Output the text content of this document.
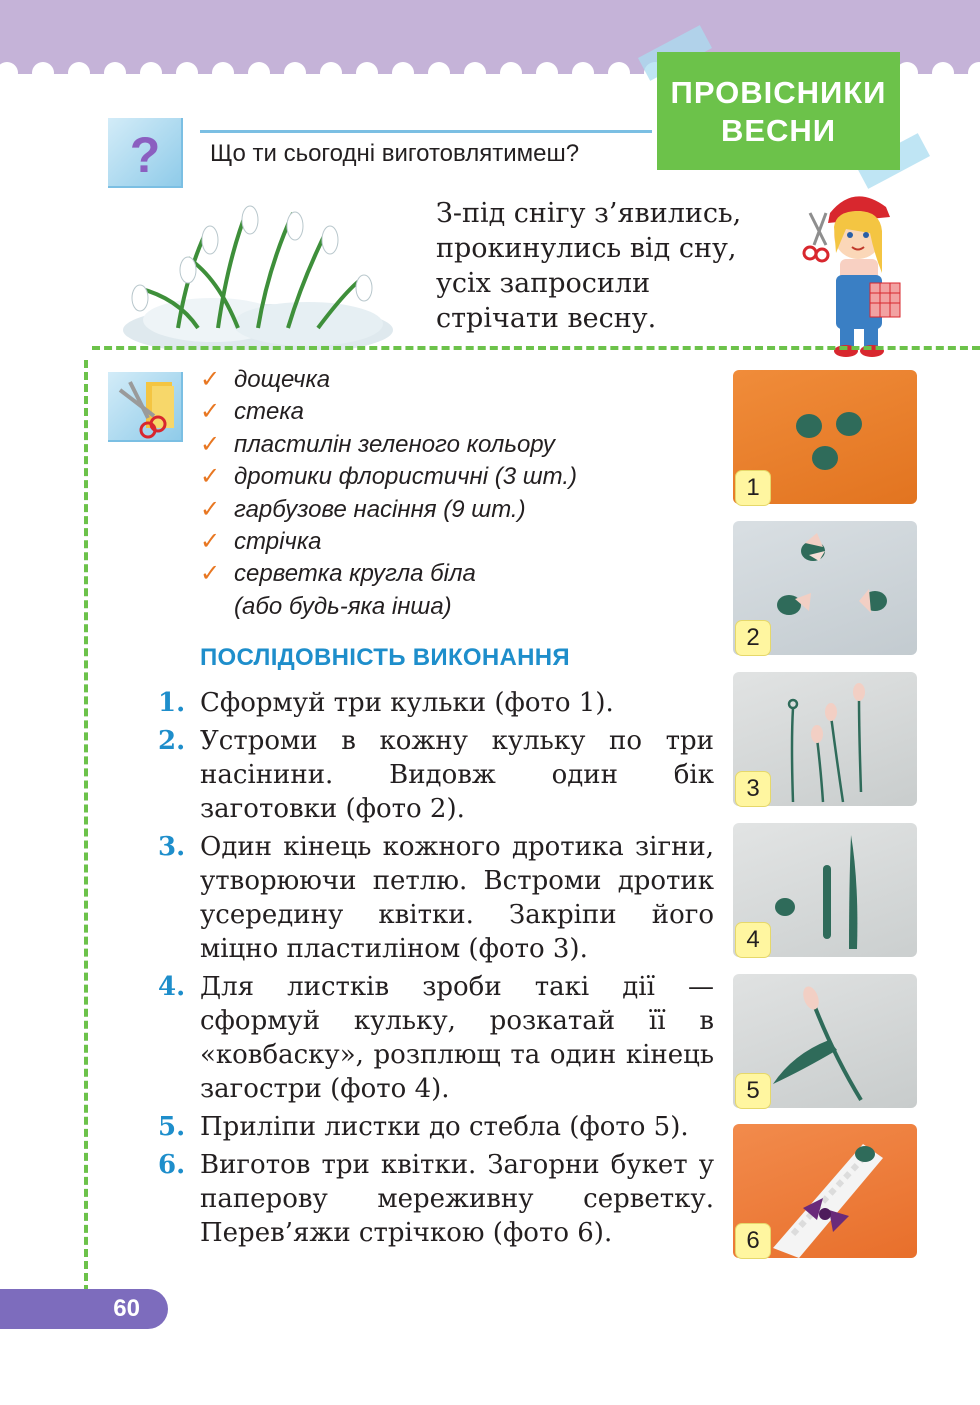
ПРОВІСНИКИ
ВЕСНИ
? Що ти сьогодні виготовлятимеш?
З-під снігу з’явились,
прокинулись від сну,
усіх запросили
стрічати весну.
✓ дощечка
✓ стека
✓ пластилін зеленого кольору
✓ дротики флористичні (3 шт.)
✓ гарбузове насіння (9 шт.)
✓ стрічка
✓ серветка кругла біла
(або будь-яка інша)
ПОСЛІДОВНІСТЬ ВИКОНАННЯ
1. Сформуй три кульки (фото 1).
2. Устроми в кожну кульку по три насінини. Видовж один бік заготовки (фото 2).
3. Один кінець кожного дротика зігни, утворюючи петлю. Встроми дротик усередину квітки. Закріпи його міцно пластиліном (фото 3).
4. Для листків зроби такі дії — сформуй кульку, розкатай її в «ковбаску», розплющ та один кінець загостри (фото 4).
5. Приліпи листки до стебла (фото 5).
6. Виготов три квітки. Загорни букет у паперову мереживну серветку. Перев’яжи стрічкою (фото 6).
1
2
3
4
5
6
60
